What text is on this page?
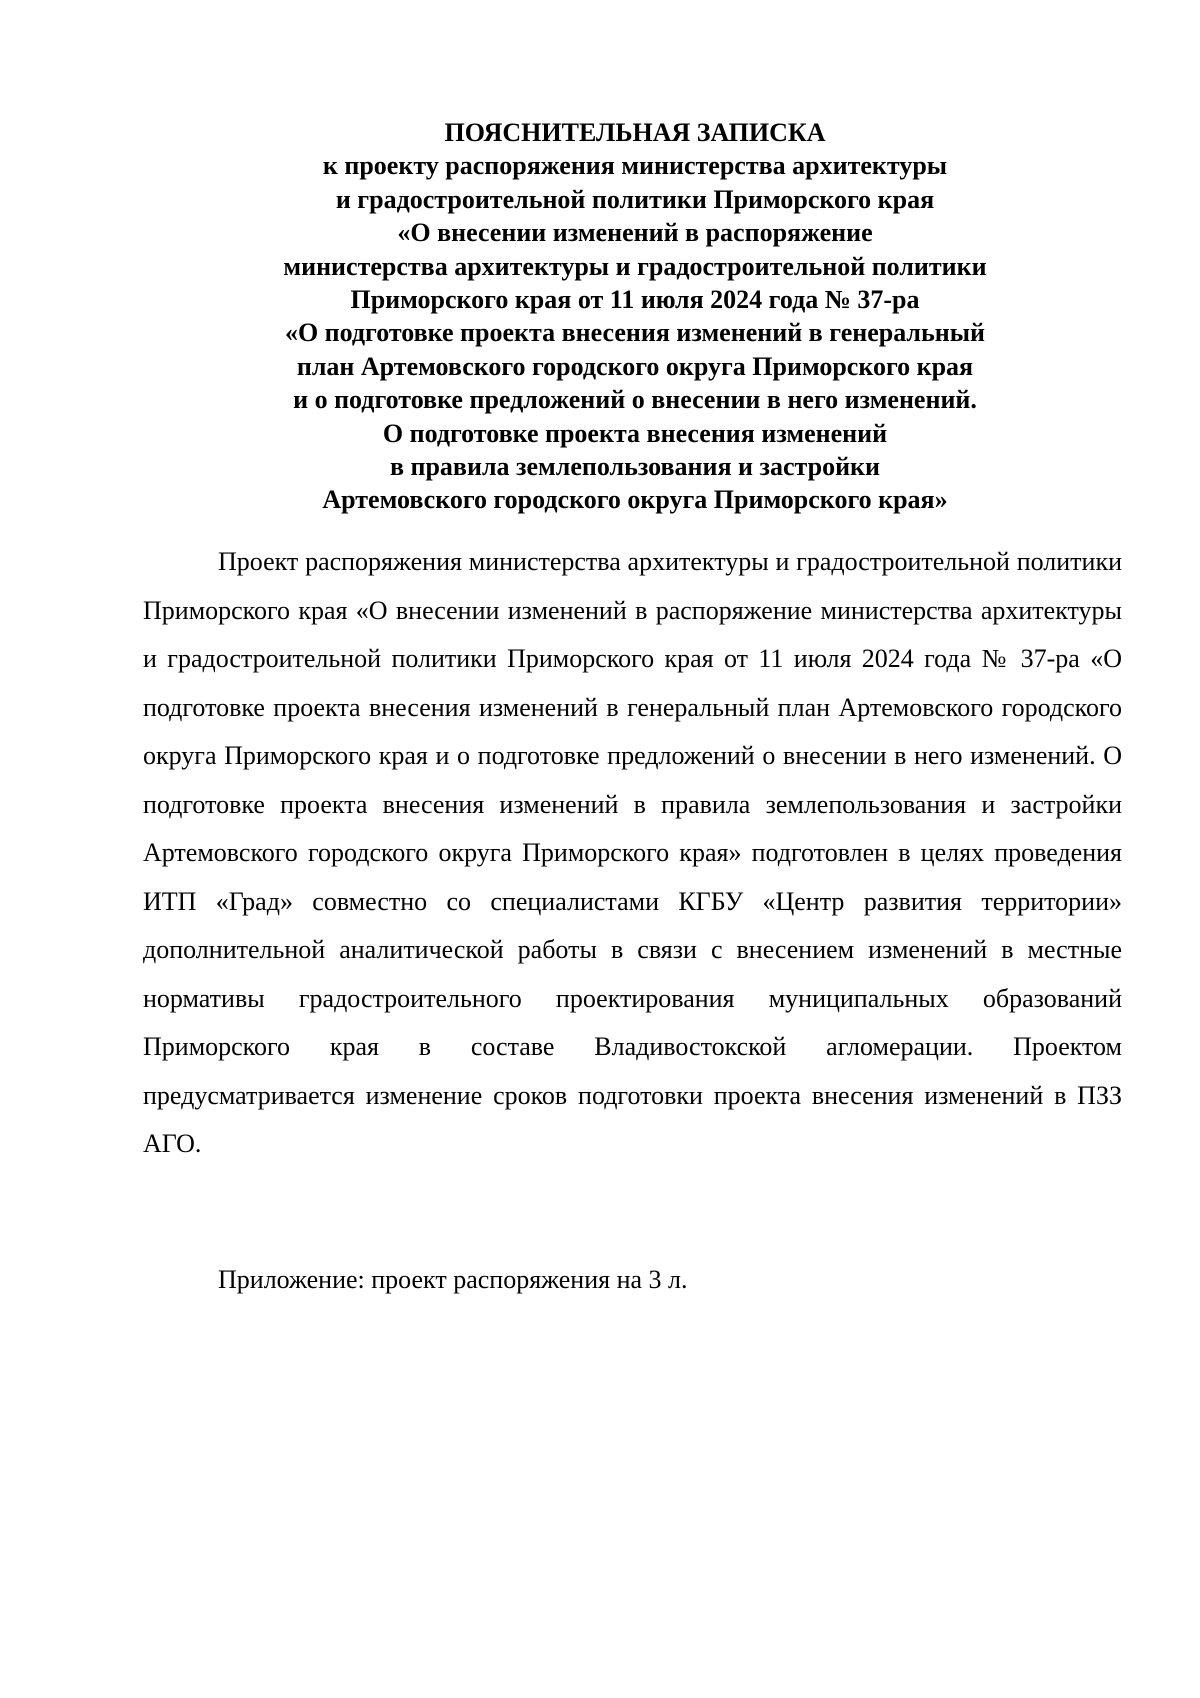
ПОЯСНИТЕЛЬНАЯ ЗАПИСКА
к проекту распоряжения министерства архитектуры
и градостроительной политики Приморского края
«О внесении изменений в распоряжение
министерства архитектуры и градостроительной политики
Приморского края от 11 июля 2024 года № 37-ра
«О подготовке проекта внесения изменений в генеральный
план Артемовского городского округа Приморского края
и о подготовке предложений о внесении в него изменений.
О подготовке проекта внесения изменений
в правила землепользования и застройки
Артемовского городского округа Приморского края»

Проект распоряжения министерства архитектуры и градостроительной политики Приморского края «О внесении изменений в распоряжение министерства архитектуры и градостроительной политики Приморского края от 11 июля 2024 года № 37-ра «О подготовке проекта внесения изменений в генеральный план Артемовского городского округа Приморского края и о подготовке предложений о внесении в него изменений. О подготовке проекта внесения изменений в правила землепользования и застройки Артемовского городского округа Приморского края» подготовлен в целях проведения ИТП «Град» совместно со специалистами КГБУ «Центр развития территории» дополнительной аналитической работы в связи с внесением изменений в местные нормативы градостроительного проектирования муниципальных образований Приморского края в составе Владивостокской агломерации. Проектом предусматривается изменение сроков подготовки проекта внесения изменений в ПЗЗ АГО.

Приложение: проект распоряжения на 3 л.
